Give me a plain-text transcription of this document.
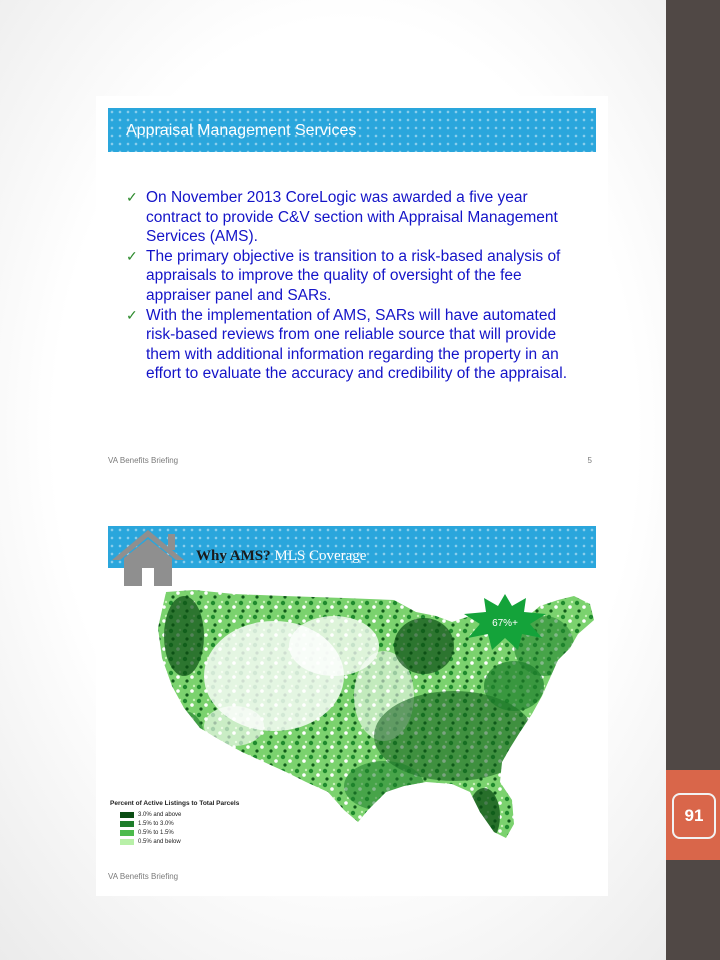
91
Appraisal Management Services
✓ On November 2013 CoreLogic was awarded a five year contract to provide C&V section with Appraisal Management Services (AMS).
✓ The primary objective is transition to a risk-based analysis of appraisals to improve the quality of oversight of the fee appraiser panel and SARs.
✓ With the implementation of AMS, SARs will have automated risk-based reviews from one reliable source that will provide them with additional information regarding the property in an effort to evaluate the accuracy and credibility of the appraisal.
VA Benefits Briefing	5
Why AMS? MLS Coverage
67%+
Percent of Active Listings to Total Parcels
3.0% and above
1.5% to 3.0%
0.5% to 1.5%
0.5% and below
VA Benefits Briefing
